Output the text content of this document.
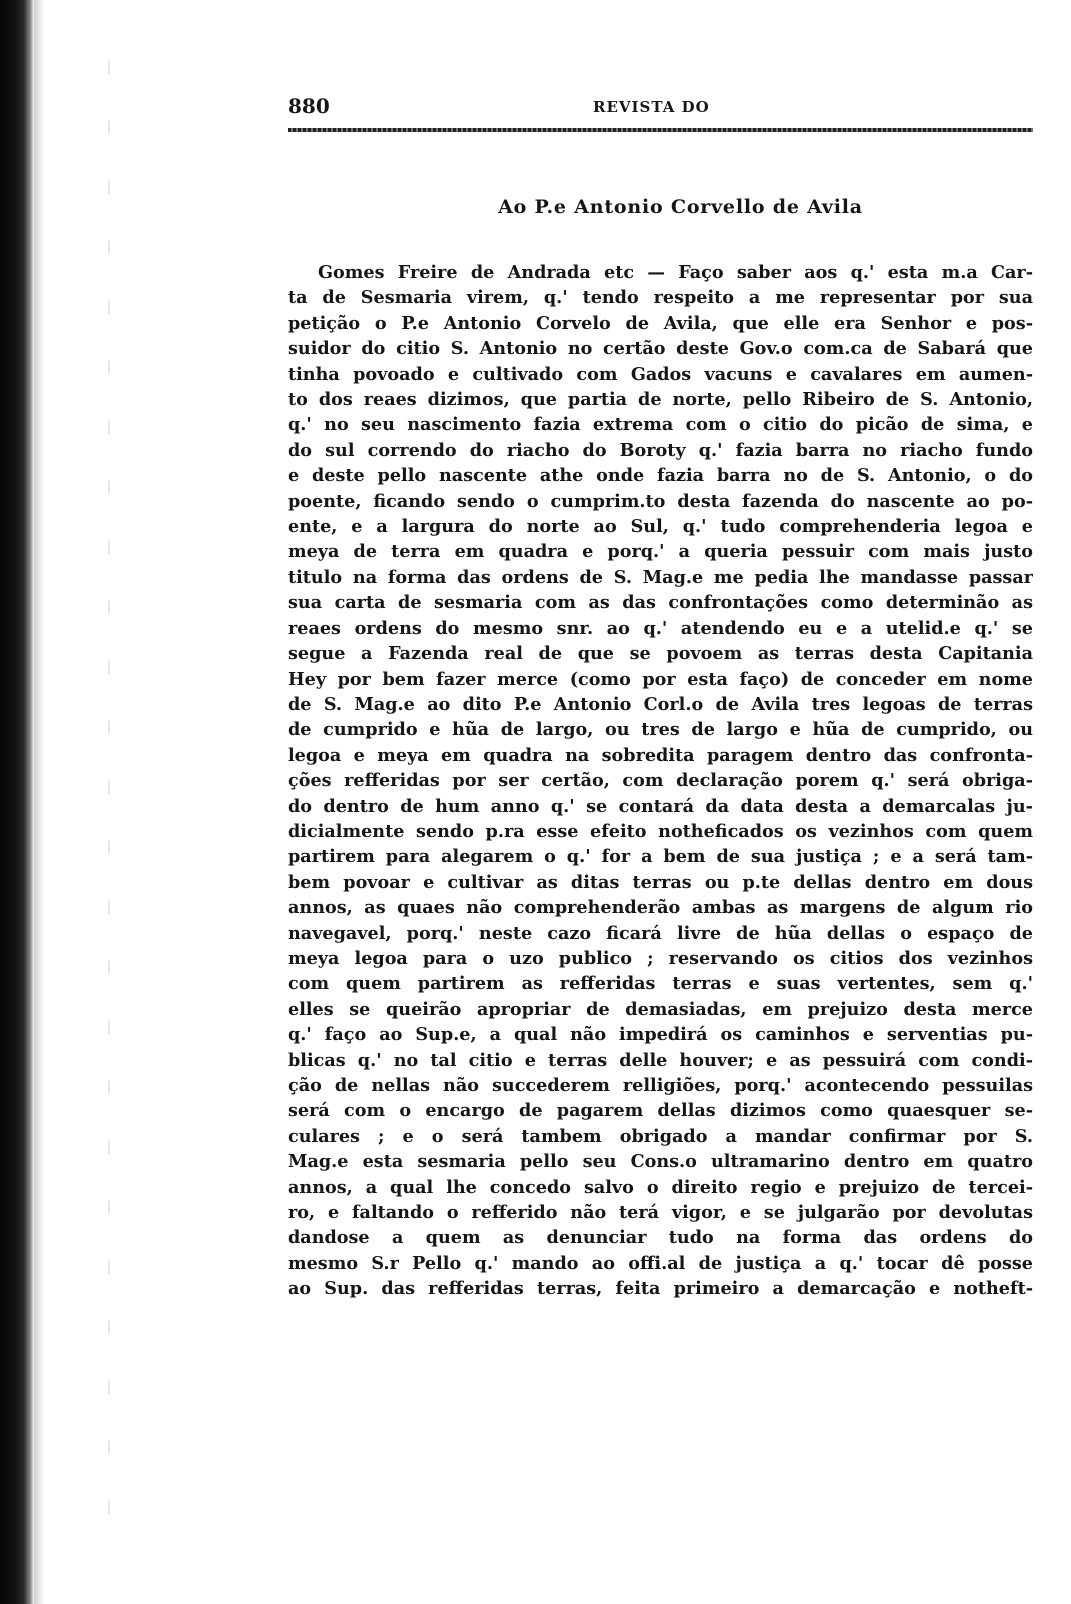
880	REVISTA DO
Ao P.e Antonio Corvello de Avila
Gomes Freire de Andrada etc — Faço saber aos q.' esta m.a Car-
ta de Sesmaria virem, q.' tendo respeito a me representar por sua
petição o P.e Antonio Corvelo de Avila, que elle era Senhor e pos-
suidor do citio S. Antonio no certão deste Gov.o com.ca de Sabará que
tinha povoado e cultivado com Gados vacuns e cavalares em aumen-
to dos reaes dizimos, que partia de norte, pello Ribeiro de S. Antonio,
q.' no seu nascimento fazia extrema com o citio do picão de sima, e
do sul correndo do riacho do Boroty q.' fazia barra no riacho fundo
e deste pello nascente athe onde fazia barra no de S. Antonio, o do
poente, ficando sendo o cumprim.to desta fazenda do nascente ao po-
ente, e a largura do norte ao Sul, q.' tudo comprehenderia legoa e
meya de terra em quadra e porq.' a queria pessuir com mais justo
titulo na forma das ordens de S. Mag.e me pedia lhe mandasse passar
sua carta de sesmaria com as das confrontações como determinão as
reaes ordens do mesmo snr. ao q.' atendendo eu e a utelid.e q.' se
segue a Fazenda real de que se povoem as terras desta Capitania
Hey por bem fazer merce (como por esta faço) de conceder em nome
de S. Mag.e ao dito P.e Antonio Corl.o de Avila tres legoas de terras
de cumprido e hũa de largo, ou tres de largo e hũa de cumprido, ou
legoa e meya em quadra na sobredita paragem dentro das confronta-
ções refferidas por ser certão, com declaração porem q.' será obriga-
do dentro de hum anno q.' se contará da data desta a demarcalas ju-
dicialmente sendo p.ra esse efeito notheficados os vezinhos com quem
partirem para alegarem o q.' for a bem de sua justiça ; e a será tam-
bem povoar e cultivar as ditas terras ou p.te dellas dentro em dous
annos, as quaes não comprehenderão ambas as margens de algum rio
navegavel, porq.' neste cazo ficará livre de hũa dellas o espaço de
meya legoa para o uzo publico ; reservando os citios dos vezinhos
com quem partirem as refferidas terras e suas vertentes, sem q.'
elles se queirão apropriar de demasiadas, em prejuizo desta merce
q.' faço ao Sup.e, a qual não impedirá os caminhos e serventias pu-
blicas q.' no tal citio e terras delle houver; e as pessuirá com condi-
ção de nellas não succederem relligiões, porq.' acontecendo pessuilas
será com o encargo de pagarem dellas dizimos como quaesquer se-
culares ; e o será tambem obrigado a mandar confirmar por S.
Mag.e esta sesmaria pello seu Cons.o ultramarino dentro em quatro
annos, a qual lhe concedo salvo o direito regio e prejuizo de tercei-
ro, e faltando o refferido não terá vigor, e se julgarão por devolutas
dandose a quem as denunciar tudo na forma das ordens do
mesmo S.r Pello q.' mando ao offi.al de justiça a q.' tocar dê posse
ao Sup. das refferidas terras, feita primeiro a demarcação e notheft-
